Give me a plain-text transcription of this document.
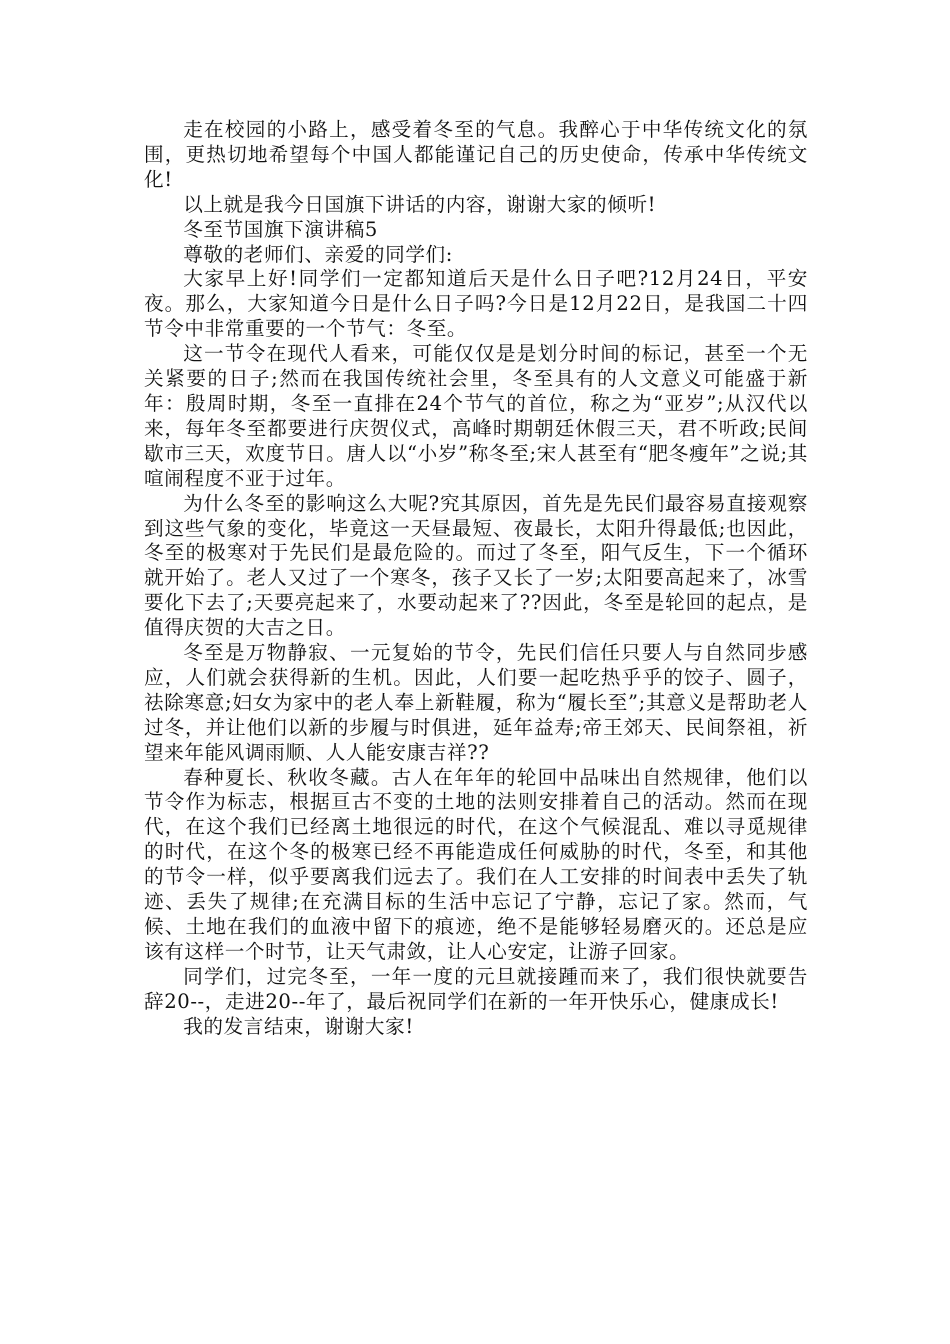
走在校园的小路上，感受着冬至的气息。我醉心于中华传统文化的氛围，更热切地希望每个中国人都能谨记自己的历史使命，传承中华传统文化!

以上就是我今日国旗下讲话的内容，谢谢大家的倾听!

冬至节国旗下演讲稿5

尊敬的老师们、亲爱的同学们:

大家早上好!同学们一定都知道后天是什么日子吧?12月24日，平安夜。那么，大家知道今日是什么日子吗?今日是12月22日，是我国二十四节令中非常重要的一个节气：冬至。

这一节令在现代人看来，可能仅仅是是划分时间的标记，甚至一个无关紧要的日子;然而在我国传统社会里，冬至具有的人文意义可能盛于新年：殷周时期，冬至一直排在24个节气的首位，称之为“亚岁”;从汉代以来，每年冬至都要进行庆贺仪式，高峰时期朝廷休假三天，君不听政;民间歇市三天，欢度节日。唐人以“小岁”称冬至;宋人甚至有“肥冬瘦年”之说;其喧闹程度不亚于过年。

为什么冬至的影响这么大呢?究其原因，首先是先民们最容易直接观察到这些气象的变化，毕竟这一天昼最短、夜最长，太阳升得最低;也因此，冬至的极寒对于先民们是最危险的。而过了冬至，阳气反生，下一个循环就开始了。老人又过了一个寒冬，孩子又长了一岁;太阳要高起来了，冰雪要化下去了;天要亮起来了，水要动起来了??因此，冬至是轮回的起点，是值得庆贺的大吉之日。

冬至是万物静寂、一元复始的节令，先民们信任只要人与自然同步感应，人们就会获得新的生机。因此，人们要一起吃热乎乎的饺子、圆子，祛除寒意;妇女为家中的老人奉上新鞋履，称为“履长至”;其意义是帮助老人过冬，并让他们以新的步履与时俱进，延年益寿;帝王郊天、民间祭祖，祈望来年能风调雨顺、人人能安康吉祥??

春种夏长、秋收冬藏。古人在年年的轮回中品味出自然规律，他们以节令作为标志，根据亘古不变的土地的法则安排着自己的活动。然而在现代，在这个我们已经离土地很远的时代，在这个气候混乱、难以寻觅规律的时代，在这个冬的极寒已经不再能造成任何威胁的时代，冬至，和其他的节令一样，似乎要离我们远去了。我们在人工安排的时间表中丢失了轨迹、丢失了规律;在充满目标的生活中忘记了宁静，忘记了家。然而，气候、土地在我们的血液中留下的痕迹，绝不是能够轻易磨灭的。还总是应该有这样一个时节，让天气肃敛，让人心安定，让游子回家。

同学们，过完冬至，一年一度的元旦就接踵而来了，我们很快就要告辞20--，走进20--年了，最后祝同学们在新的一年开快乐心，健康成长!

我的发言结束，谢谢大家!
